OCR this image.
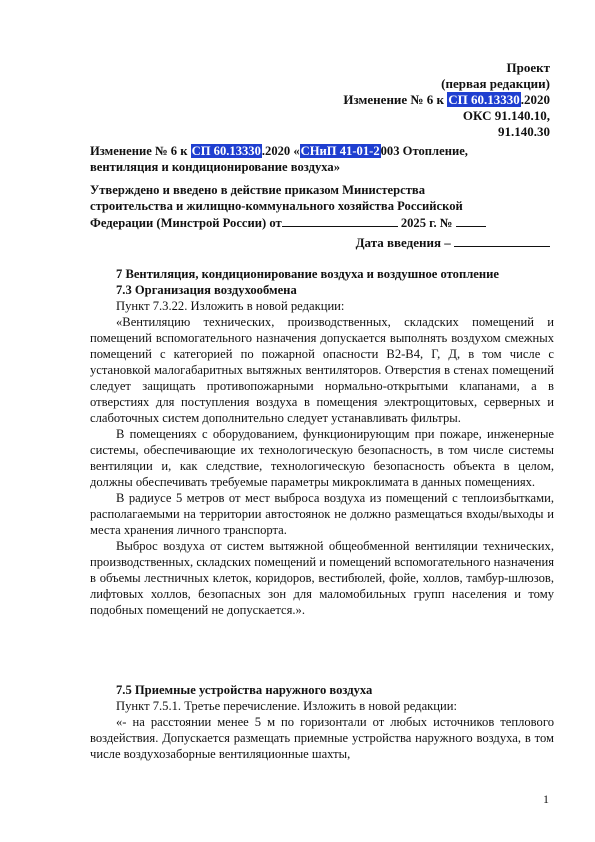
Проект
(первая редакции)
Изменение № 6 к СП 60.13330.2020
ОКС 91.140.10,
91.140.30
Изменение № 6 к СП 60.13330.2020 «СНиП 41-01-2003 Отопление,
вентиляция и кондиционирование воздуха»
Утверждено и введено в действие приказом Министерства
строительства и жилищно-коммунального хозяйства Российской
Федерации (Минстрой России) от	2025 г. №
Дата введения –
7 Вентиляция, кондиционирование воздуха и воздушное отопление
7.3 Организация воздухообмена
Пункт 7.3.22. Изложить в новой редакции:

«Вентиляцию технических, производственных, складских помещений и помещений вспомогательного назначения допускается выполнять воздухом смежных помещений с категорией по пожарной опасности В2-В4, Г, Д, в том числе с установкой малогабаритных вытяжных вентиляторов. Отверстия в стенах помещений следует защищать противопожарными нормально-открытыми клапанами, а в отверстиях для поступления воздуха в помещения электрощитовых, серверных и слаботочных систем дополнительно следует устанавливать фильтры.

В помещениях с оборудованием, функционирующим при пожаре, инженерные системы, обеспечивающие их технологическую безопасность, в том числе системы вентиляции и, как следствие, технологическую безопасность объекта в целом, должны обеспечивать требуемые параметры микроклимата в данных помещениях.

В радиусе 5 метров от мест выброса воздуха из помещений с теплоизбытками, располагаемыми на территории автостоянок не должно размещаться входы/выходы и места хранения личного транспорта.

Выброс воздуха от систем вытяжной общеобменной вентиляции технических, производственных, складских помещений и помещений вспомогательного назначения в объемы лестничных клеток, коридоров, вестибюлей, фойе, холлов, тамбур-шлюзов, лифтовых холлов, безопасных зон для маломобильных групп населения и тому подобных помещений не допускается.».

7.5 Приемные устройства наружного воздуха
Пункт 7.5.1. Третье перечисление. Изложить в новой редакции:

«- на расстоянии менее 5 м по горизонтали от любых источников теплового воздействия. Допускается размещать приемные устройства наружного воздуха, в том числе воздухозаборные вентиляционные шахты,

1
